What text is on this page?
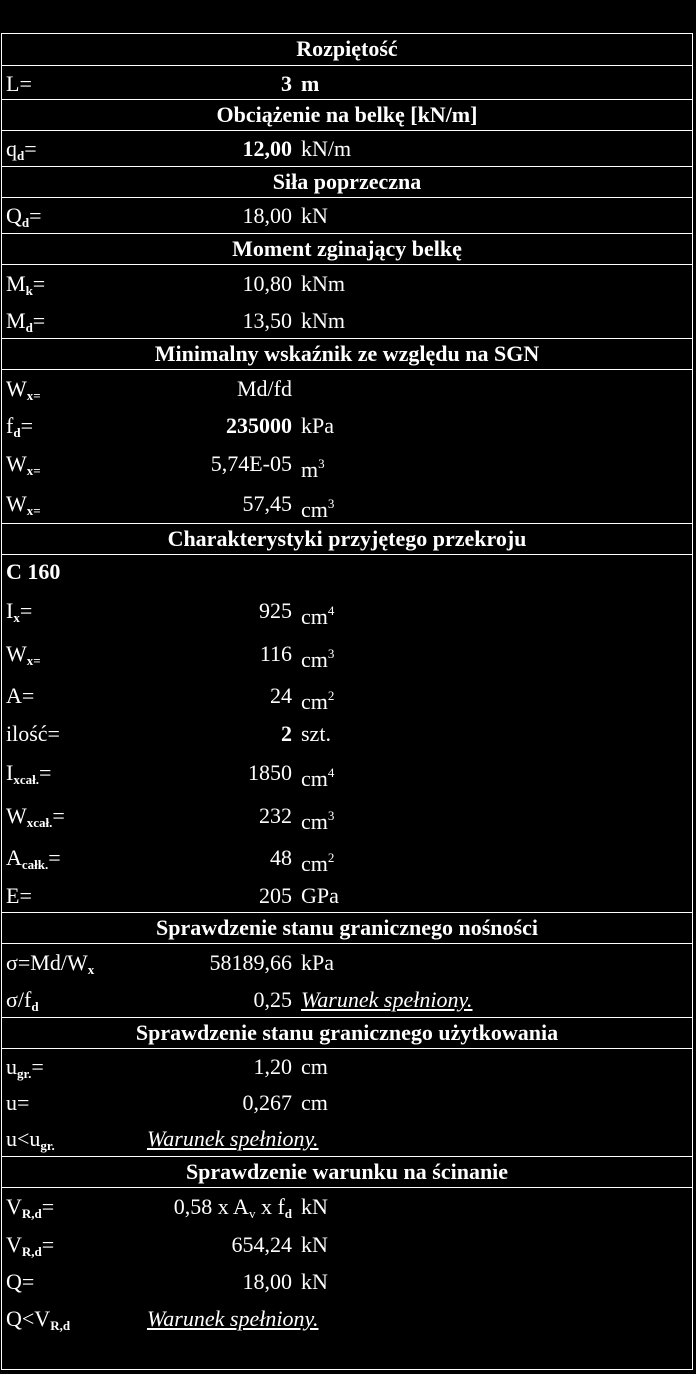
Rozpiętość
L=	3 m
Obciążenie na belkę [kN/m]
$q_d=$	12,00 kN/m
Siła poprzeczna
$Q_d=$	18,00 kN
Moment zginający belkę
$M_k=$	10,80 kNm
$M_d=$	13,50 kNm
Minimalny wskaźnik ze względu na SGN
$W_{x=}$	Md/fd
$f_d=$	235000 kPa
$W_{x=}$	5,74E-05 $m^3$
$W_{x=}$	57,45 $cm^3$
Charakterystyki przyjętego przekroju
C 160
$I_x=$	925 $cm^4$
$W_{x=}$	116 $cm^3$
A=	24 $cm^2$
ilość=	2 szt.
$I_{xcał.}=$	1850 $cm^4$
$W_{xcał.}=$	232 $cm^3$
$A_{całk.}=$	48 $cm^2$
E=	205 GPa
Sprawdzenie stanu granicznego nośności
$\sigma=Md/W_x$	58189,66 kPa
$\sigma/f_d$	0,25 Warunek spełniony.
Sprawdzenie stanu granicznego użytkowania
$u_{gr.}=$	1,20 cm
u=	0,267 cm
$u<u_{gr.}$	Warunek spełniony.
Sprawdzenie warunku na ścinanie
$V_{R,d}=$	0,58 x $A_v$ x $f_d$ kN
$V_{R,d}=$	654,24 kN
Q=	18,00 kN
$Q<V_{R,d}$	Warunek spełniony.
